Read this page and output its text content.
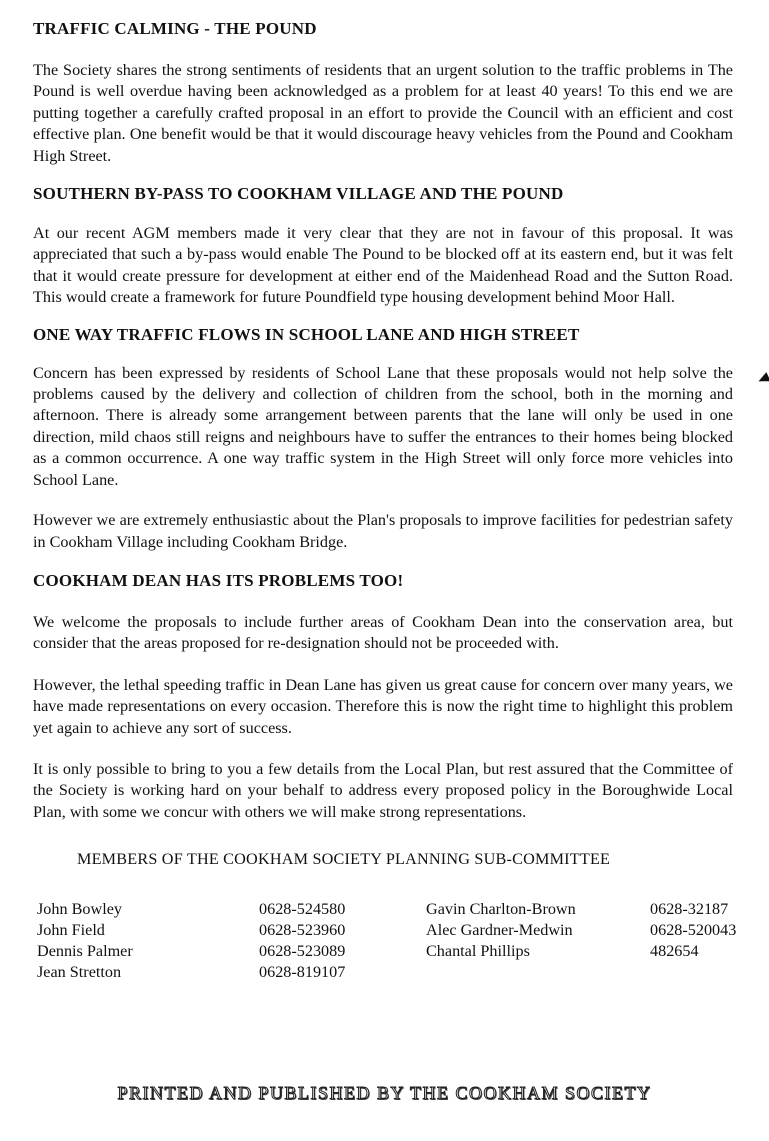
TRAFFIC CALMING - THE POUND

The Society shares the strong sentiments of residents that an urgent solution to the traffic problems in The Pound is well overdue having been acknowledged as a problem for at least 40 years! To this end we are putting together a carefully crafted proposal in an effort to provide the Council with an efficient and cost effective plan. One benefit would be that it would discourage heavy vehicles from the Pound and Cookham High Street.

SOUTHERN BY-PASS TO COOKHAM VILLAGE AND THE POUND

At our recent AGM members made it very clear that they are not in favour of this proposal. It was appreciated that such a by-pass would enable The Pound to be blocked off at its eastern end, but it was felt that it would create pressure for development at either end of the Maidenhead Road and the Sutton Road. This would create a framework for future Poundfield type housing development behind Moor Hall.

ONE WAY TRAFFIC FLOWS IN SCHOOL LANE AND HIGH STREET

Concern has been expressed by residents of School Lane that these proposals would not help solve the problems caused by the delivery and collection of children from the school, both in the morning and afternoon. There is already some arrangement between parents that the lane will only be used in one direction, mild chaos still reigns and neighbours have to suffer the entrances to their homes being blocked as a common occurrence. A one way traffic system in the High Street will only force more vehicles into School Lane.

However we are extremely enthusiastic about the Plan's proposals to improve facilities for pedestrian safety in Cookham Village including Cookham Bridge.

COOKHAM DEAN HAS ITS PROBLEMS TOO!

We welcome the proposals to include further areas of Cookham Dean into the conservation area, but consider that the areas proposed for re-designation should not be proceeded with.

However, the lethal speeding traffic in Dean Lane has given us great cause for concern over many years, we have made representations on every occasion. Therefore this is now the right time to highlight this problem yet again to achieve any sort of success.

It is only possible to bring to you a few details from the Local Plan, but rest assured that the Committee of the Society is working hard on your behalf to address every proposed policy in the Boroughwide Local Plan, with some we concur with others we will make strong representations.

MEMBERS OF THE COOKHAM SOCIETY PLANNING SUB-COMMITTEE
John Bowley
John Field
Dennis Palmer
Jean Stretton
0628-524580
0628-523960
0628-523089
0628-819107
Gavin Charlton-Brown
Alec Gardner-Medwin
Chantal Phillips
0628-32187
0628-520043
482654
PRINTED AND PUBLISHED BY THE COOKHAM SOCIETY
